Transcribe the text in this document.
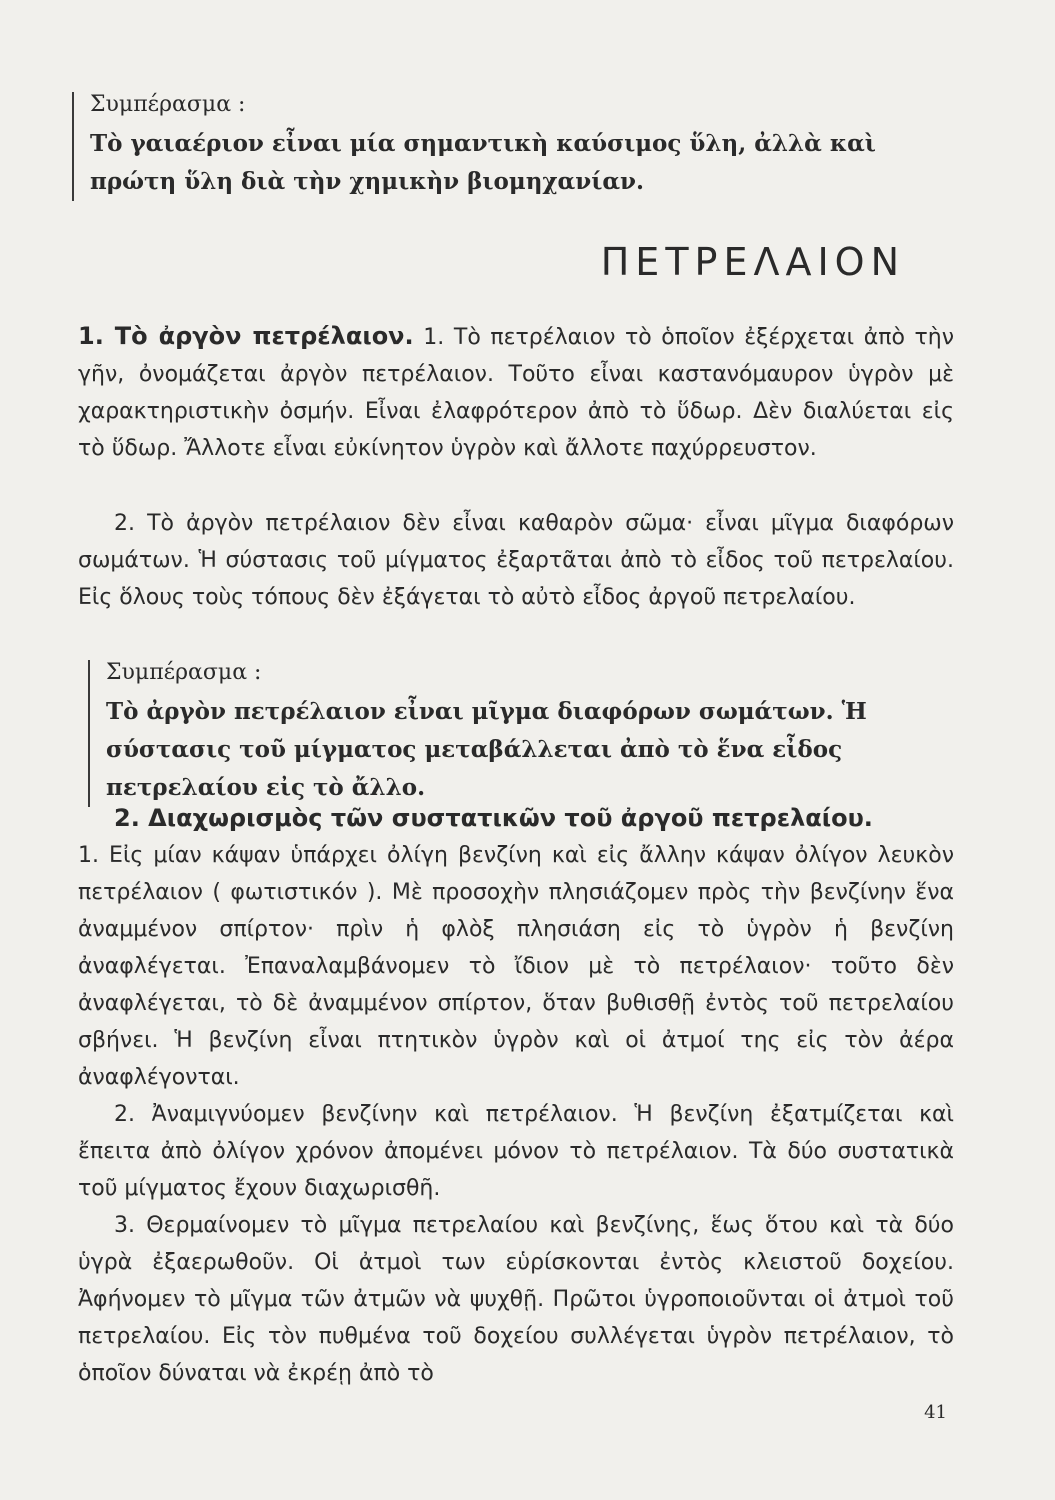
Συμπέρασμα :

Τὸ γαιαέριον εἶναι μία σημαντικὴ καύσιμος ὕλη, ἀλλὰ καὶ πρώτη ὕλη διὰ τὴν χημικὴν βιομηχανίαν.

ΠΕΤΡΕΛΑΙΟΝ

1. Τὸ ἀργὸν πετρέλαιον. 1. Τὸ πετρέλαιον τὸ ὁποῖον ἐξέρχεται ἀπὸ τὴν γῆν, ὀνομάζεται ἀργὸν πετρέλαιον. Τοῦτο εἶναι καστανόμαυρον ὑγρὸν μὲ χαρακτηριστικὴν ὀσμήν. Εἶναι ἐλαφρότερον ἀπὸ τὸ ὕδωρ. Δὲν διαλύεται εἰς τὸ ὕδωρ. Ἄλλοτε εἶναι εὐκίνητον ὑγρὸν καὶ ἄλλοτε παχύρρευστον.

2. Τὸ ἀργὸν πετρέλαιον δὲν εἶναι καθαρὸν σῶμα· εἶναι μῖγμα διαφόρων σωμάτων. Ἡ σύστασις τοῦ μίγματος ἐξαρτᾶται ἀπὸ τὸ εἶδος τοῦ πετρελαίου. Εἰς ὅλους τοὺς τόπους δὲν ἐξάγεται τὸ αὐτὸ εἶδος ἀργοῦ πετρελαίου.

Συμπέρασμα :

Τὸ ἀργὸν πετρέλαιον εἶναι μῖγμα διαφόρων σωμάτων. Ἡ σύστασις τοῦ μίγματος μεταβάλλεται ἀπὸ τὸ ἕνα εἶδος πετρελαίου εἰς τὸ ἄλλο.

2. Διαχωρισμὸς τῶν συστατικῶν τοῦ ἀργοῦ πετρελαίου.

1. Εἰς μίαν κάψαν ὑπάρχει ὀλίγη βενζίνη καὶ εἰς ἄλλην κάψαν ὀλίγον λευκὸν πετρέλαιον ( φωτιστικόν ). Μὲ προσοχὴν πλησιάζομεν πρὸς τὴν βενζίνην ἕνα ἀναμμένον σπίρτον· πρὶν ἡ φλὸξ πλησιάση εἰς τὸ ὑγρὸν ἡ βενζίνη ἀναφλέγεται. Ἐπαναλαμβάνομεν τὸ ἴδιον μὲ τὸ πετρέλαιον· τοῦτο δὲν ἀναφλέγεται, τὸ δὲ ἀναμμένον σπίρτον, ὅταν βυθισθῇ ἐντὸς τοῦ πετρελαίου σβήνει. Ἡ βενζίνη εἶναι πτητικὸν ὑγρὸν καὶ οἱ ἀτμοί της εἰς τὸν ἀέρα ἀναφλέγονται.

2. Ἀναμιγνύομεν βενζίνην καὶ πετρέλαιον. Ἡ βενζίνη ἐξατμίζεται καὶ ἔπειτα ἀπὸ ὀλίγον χρόνον ἀπομένει μόνον τὸ πετρέλαιον. Τὰ δύο συστατικὰ τοῦ μίγματος ἔχουν διαχωρισθῆ.

3. Θερμαίνομεν τὸ μῖγμα πετρελαίου καὶ βενζίνης, ἕως ὅτου καὶ τὰ δύο ὑγρὰ ἐξαερωθοῦν. Οἱ ἀτμοὶ των εὑρίσκονται ἐντὸς κλειστοῦ δοχείου. Ἀφήνομεν τὸ μῖγμα τῶν ἀτμῶν νὰ ψυχθῇ. Πρῶτοι ὑγροποιοῦνται οἱ ἀτμοὶ τοῦ πετρελαίου. Εἰς τὸν πυθμένα τοῦ δοχείου συλλέγεται ὑγρὸν πετρέλαιον, τὸ ὁποῖον δύναται νὰ ἐκρέῃ ἀπὸ τὸ

41
